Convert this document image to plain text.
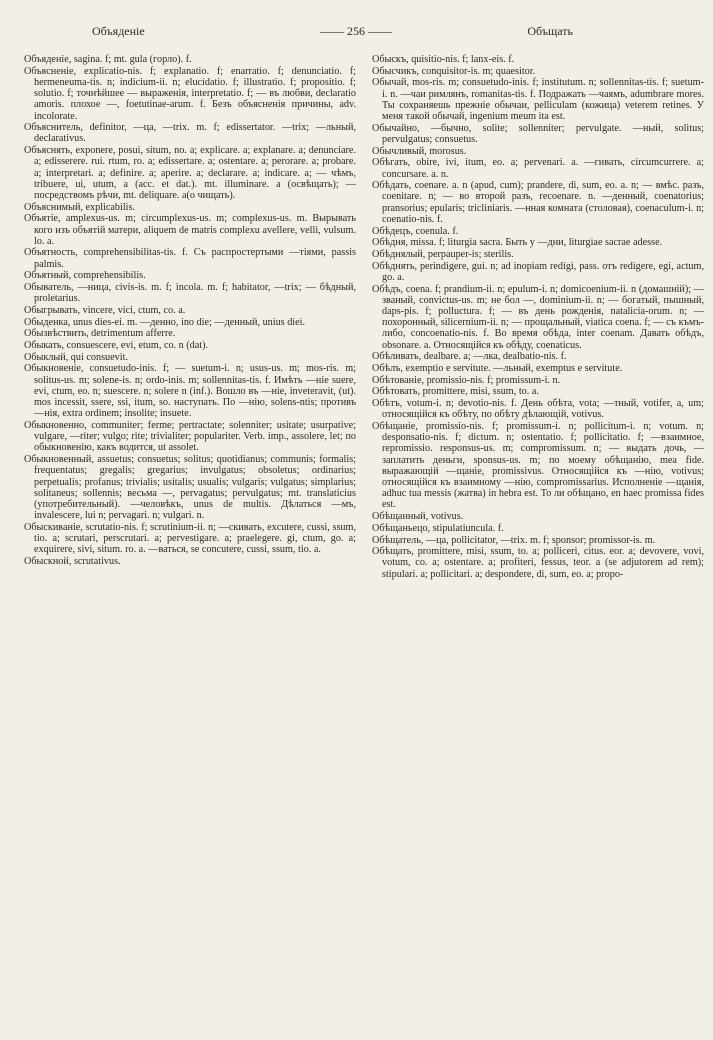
Объяденіе	—— 256 ——	Объщать

Объяденіе, sagina. f; mt. gula (горло). f.

Объясненіе, explicatio-nis. f; explanatio. f; enarratio. f; denunciatio. f; hermeneuma-tis. n; indicium-ii. n; elucidatio. f; illustratio. f; propositio. f; solutio. f; точнѣйшее — выраженія, interpretatio. f; — въ любви, declaratio amoris. плохое —, foetutinae-arum. f. Безъ объясненія причины, adv. incolorate.

Объяснитель, definitor, —ца, —trix. m. f; edissertator. —trix; —льный, declarativus.

Объяснять, exponere, posui, situm, no. a; explicare. a; explanare. a; denunciare. a; edisserere. rui. rtum, ro. a; edissertare. a; ostentare. a; perorare. a; probare. a; interpretari. a; definire. a; aperire. a; declarare. a; indicare. a; — чѣмъ, tribuere, ui, utum, a (acc. et dat.). mt. illuminare. a (освѣщать); — посредствомъ рѣчи, mt. deliquare. a(о чищать).

Объяснимый, explicabilis.

Объятіе, amplexus-us. m; circumplexus-us. m; complexus-us. m. Вырывать кого изъ объятій матери, aliquem de matris complexu avellere, velli, vulsum. lo. a.

Объятность, comprehensibilitas-tis. f. Съ распростертыми —тіями, passis palmis.

Объятный, comprehensibilis.

Обыватель, —ница, civis-is. m. f; incola. m. f; habitator, —trix; — бѣдный, proletarius.

Обыгрывать, vincere, vici, ctum, co. a.

Обыденка, unus dies-ei. m. —денно, ino die; —денный, unius diei.

Обызвѣствить, detrimentum afferre.

Обыкать, consuescere, evi, etum, co. n (dat).

Обыклый, qui consuevit.

Обыкновеніе, consuetudo-inis. f; — suetum-i. n; usus-us. m; mos-ris. m; solitus-us. m; solene-is. n; ordo-inis. m; sollennitas-tis. f. Имѣть —ніе suere, evi, ctum, eo. n; suescere. n; solere n (inf.). Вошло въ —ніе, inveteravit, (ut). mos incessit, ssere, ssi, itum, so. наступать. По —нію, solens-ntis; противъ —нія, extra ordinem; insolite; insuete.

Обыкновенно, communiter; ferme; pertractate; solenniter; usitate; usurpative; vulgare, —riter; vulgo; rite; trivialiter; populariter. Verb. imp., assolere, let; по обыкновенію, какъ водится, ut assolet.

Обыкновенный, assuetus; consuetus; solitus; quotidianus; communis; formalis; frequentatus; gregalis; gregarius; invulgatus; obsoletus; ordinarius; perpetualis; profanus; trivialis; usitalis; usualis; vulgaris; vulgatus; simplarius; solitaneus; sollennis; весьма —, pervagatus; pervulgatus; mt. translaticius (употребительный). —человѣкъ, unus de multis. Дѣлаться —мъ, invalescere, lui n; pervagari. n; vulgari. n.

Обыскиваніе, scrutatio-nis. f; scrutinium-ii. n; —скивать, excutere, cussi, ssum, tio. a; scrutari, perscrutari. a; pervestigare. a; praelegere. gi, ctum, go. a; exquirere, sivi, situm. ro. a. —ваться, se concutere, cussi, ssum, tio. a.

Обыскной, scrutativus.

Обыскъ, quisitio-nis. f; lanx-eis. f.

Обысчикъ, conquisitor-is. m; quaesitor.

Обычай, mos-ris. m; consuetudo-inis. f; institutum. n; sollennitas-tis. f; suetum-i. n. —чаи римлянъ, romanitas-tis. f. Подражать —чаямъ, adumbrare mores. Ты сохраняешь прежніе обычаи, pelliculam (кожица) veterem retines. У меня такой обычай, ingenium meum ita est.

Обычайно, —бычно, solite; sollenniter; pervulgate. —ный, solitus; pervulgatus; consuetus.

Обычливый, morosus.

Обѣгать, obire, ivi, itum, eo. a; pervenari. a. —гивать, circumcurrere. a; concursare. a. n.

Обѣдать, coenare. a. n (apud, cum); prandere, di, sum, eo. a. n; — вмѣс. разъ, coenitare. n; — во второй разъ, recoenare. n. —денный, coenatorius; pransorius; epularis; tricliniaris. —нная комната (столовая), coenaculum-i. n; coenatio-nis. f.

Обѣдецъ, coenula. f.

Обѣдня, missa. f; liturgia sacra. Быть у —дни, liturgiae sacrae adesse.

Обѣднялый, perpauper-is; sterilis.

Обѣднять, perindigere, gui. n; ad inopiam redigi, pass. отъ redigere, egi, actum, go. a.

Обѣдъ, coena. f; prandium-ii. n; epulum-i. n; domicoenium-ii. n (домашній); — званый, convictus-us. m; не бол —, dominium-ii. n; — богатый, пышный, daps-pis. f; pollucturа. f; — въ день рожденія, natalicia-orum. n; — похоронный, silicernium-ii. n; — прощальный, viatica coena. f; — съ къмъ-либо, concoenatio-nis. f. Во время обѣда, inter coenam. Давать обѣдъ, obsonare. a. Относящійся къ обѣду, coenaticus.

Обѣливать, dealbare. a; —лка, dealbatio-nis. f.

Обѣлъ, exemptio e servitute. —льный, exemptus e servitute.

Обѣтованіе, promissio-nis. f; promissum-i. n.

Обѣтовать, promittere, misi, ssum, to. a.

Обѣтъ, votum-i. n; devotio-nis. f. День обѣта, vota; —тный, votifer, a, um; относящійся къ обѣту, по обѣту дѣлающій, votivus.

Обѣщаніе, promissio-nis. f; promissum-i. n; pollicitum-i. n; votum. n; desponsatio-nis. f; dictum. n; ostentatio. f; pollicitatio. f; —взаимное, repromissio. responsus-us. m; compromissum. n; — выдать дочь, — заплатить деньги, sponsus-us. m; по моему обѣщанію, mea fide. выражающій —щаніе, promissivus. Относящійся къ —нію, votivus; относящійся къ взаимному —нію, compromissarius. Исполненіе —щанія, adhuc tua messis (жатва) in hebra est. То ли обѣщано, en haec promissa fides est.

Обѣщанный, votivus.

Обѣщаньецо, stipulatiuncula. f.

Обѣщатель, —ца, pollicitator, —trix. m. f; sponsor; promissor-is. m.

Обѣщать, promittere, misi, ssum, to. a; polliceri, citus. eor. a; devovere, vovi, votum, co. a; ostentare. a; profiteri, fessus, teor. a (se adjutorem ad rem); stipulari. a; pollicitari. a; despondere, di, sum, eo. a; propo-
